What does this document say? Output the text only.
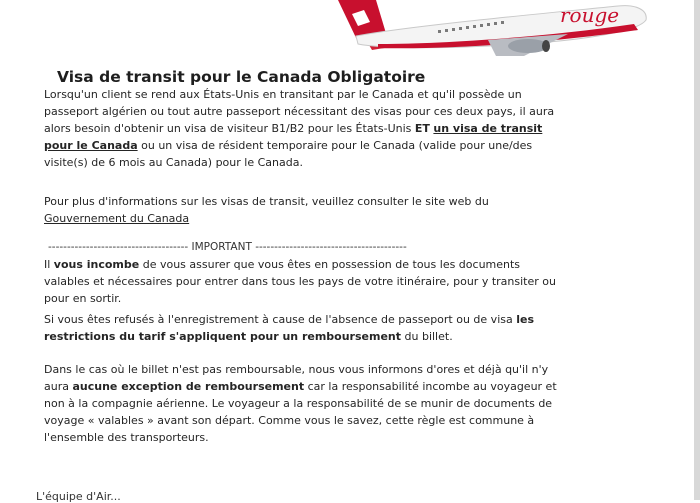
rouge
Visa de transit pour le Canada Obligatoire

Lorsqu'un client se rend aux États-Unis en transitant par le Canada et qu'il possède un passeport algérien ou tout autre passeport nécessitant des visas pour ces deux pays, il aura alors besoin d'obtenir un visa de visiteur B1/B2 pour les États-Unis ET un visa de transit pour le Canada ou un visa de résident temporaire pour le Canada (valide pour une/des visite(s) de 6 mois au Canada) pour le Canada.

Pour plus d'informations sur les visas de transit, veuillez consulter le site web du Gouvernement du Canada

------------------------------------- IMPORTANT ----------------------------------------

Il vous incombe de vous assurer que vous êtes en possession de tous les documents valables et nécessaires pour entrer dans tous les pays de votre itinéraire, pour y transiter ou pour en sortir.

Si vous êtes refusés à l'enregistrement à cause de l'absence de passeport ou de visa les restrictions du tarif s'appliquent pour un remboursement du billet.

Dans le cas où le billet n'est pas remboursable, nous vous informons d'ores et déjà qu'il n'y aura aucune exception de remboursement car la responsabilité incombe au voyageur et non à la compagnie aérienne. Le voyageur a la responsabilité de se munir de documents de voyage « valables » avant son départ. Comme vous le savez, cette règle est commune à l'ensemble des transporteurs.

L'équipe d'Air...
